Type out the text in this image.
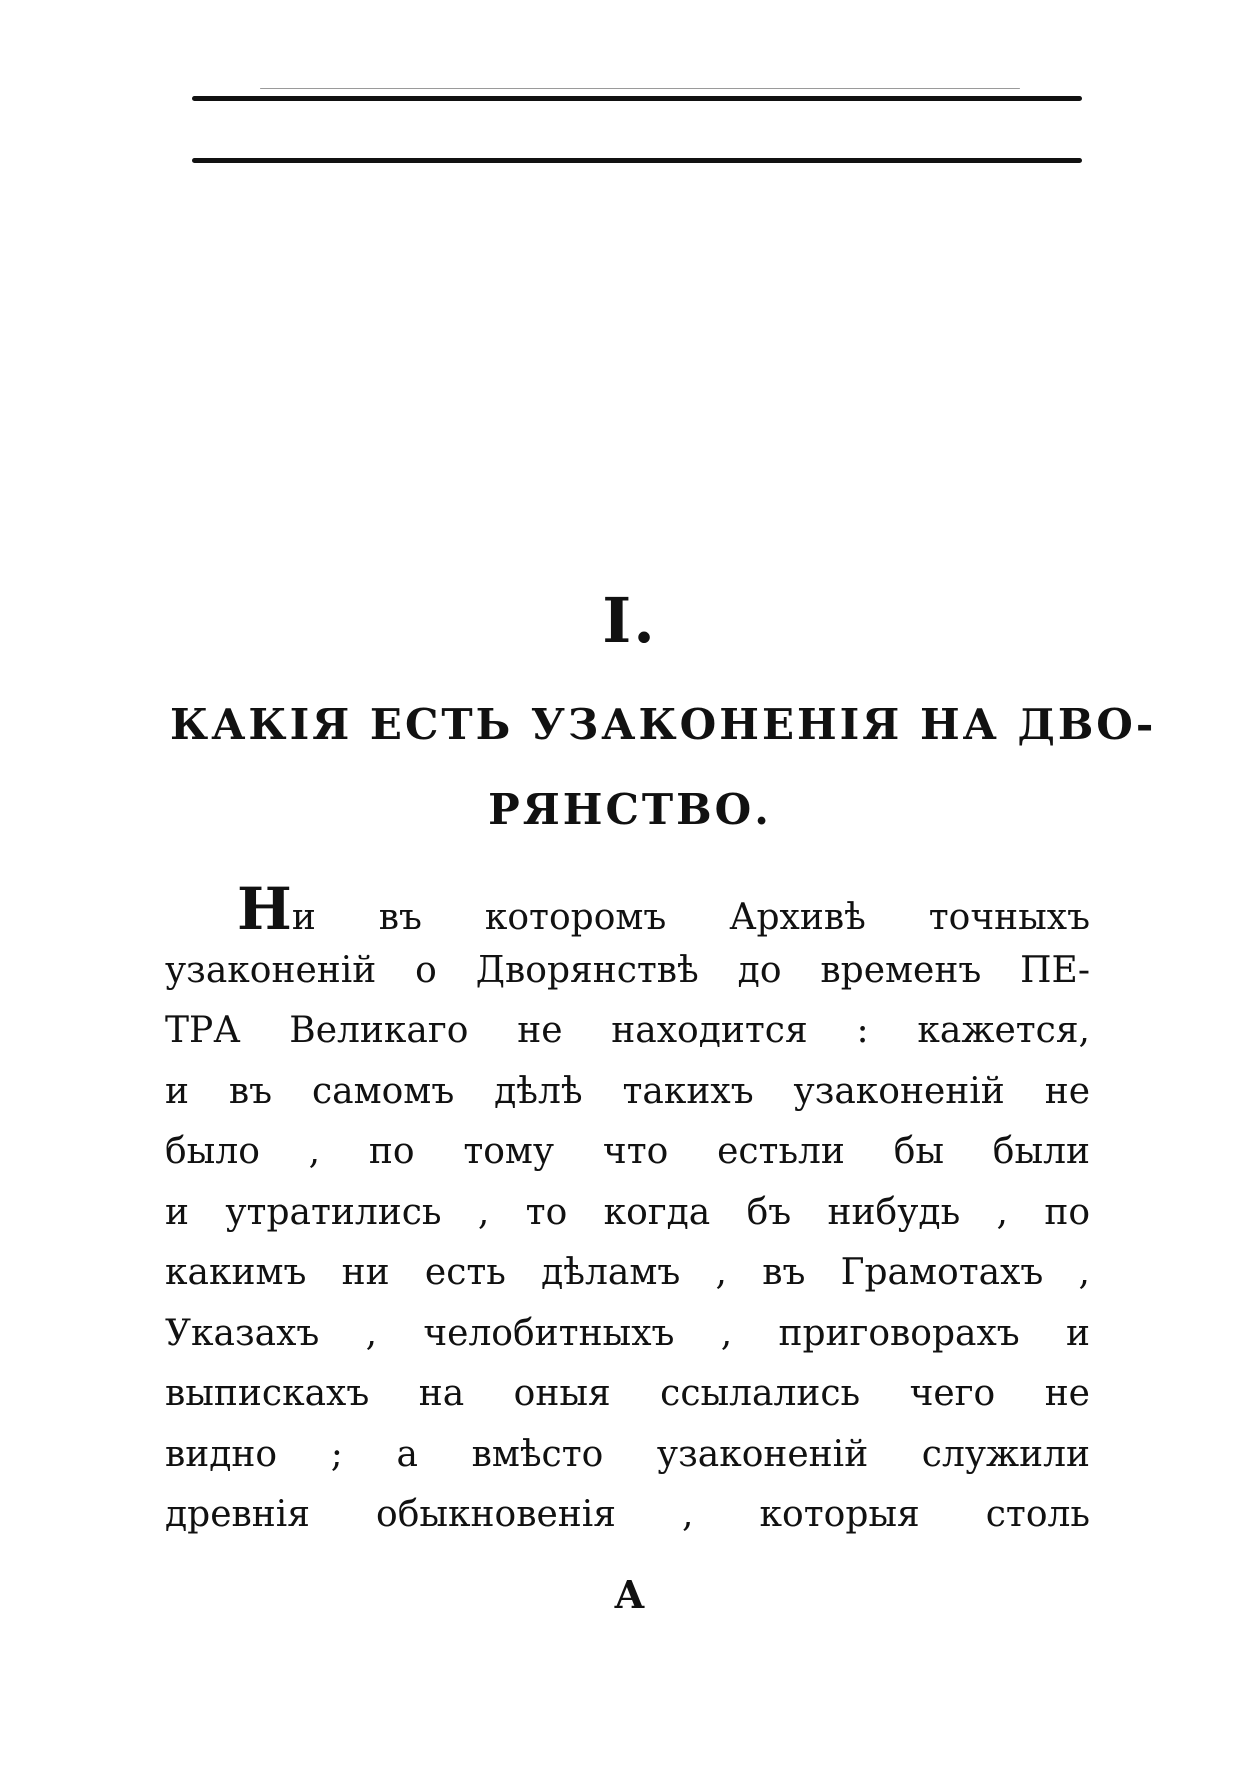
I.
КАКІЯ ЕСТЬ УЗАКОНЕНІЯ НА ДВО-
РЯНСТВО.
Ни въ которомъ Архивѣ точныхъ
узаконеній о Дворянствѣ до временъ ПЕ-
ТРА Великаго не находится : кажется,
и въ самомъ дѣлѣ такихъ узаконеній не
было , по тому что естьли бы были
и утратились , то когда бъ нибудь , по
какимъ ни есть дѣламъ , въ Грамотахъ ,
Указахъ , челобитныхъ , приговорахъ и
выпискахъ на оныя ссылались чего не
видно ; а вмѣсто узаконеній служили
древнія обыкновенія , которыя столь
А
